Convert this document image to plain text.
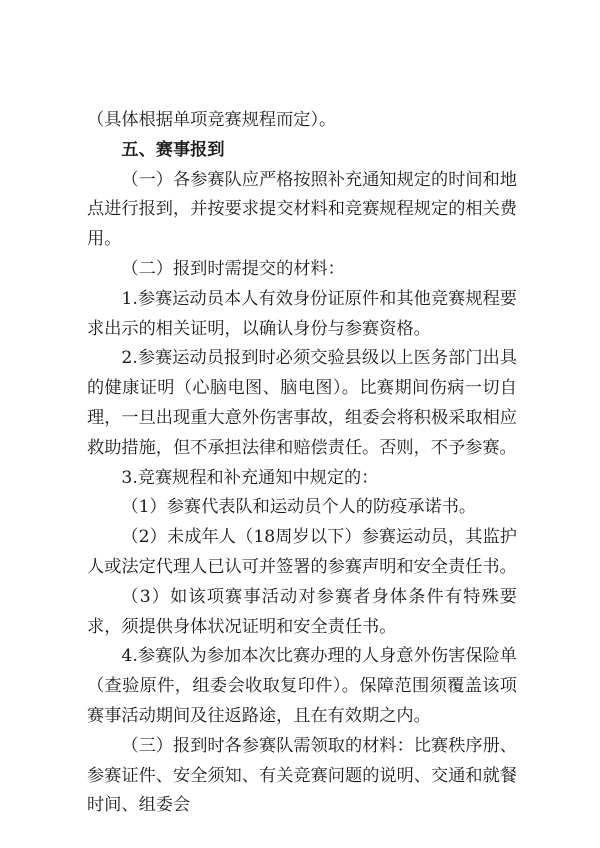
（具体根据单项竞赛规程而定）。

五、赛事报到

（一）各参赛队应严格按照补充通知规定的时间和地点进行报到，并按要求提交材料和竞赛规程规定的相关费用。

（二）报到时需提交的材料：

1.参赛运动员本人有效身份证原件和其他竞赛规程要求出示的相关证明，以确认身份与参赛资格。

2.参赛运动员报到时必须交验县级以上医务部门出具的健康证明（心脑电图、脑电图）。比赛期间伤病一切自理，一旦出现重大意外伤害事故，组委会将积极采取相应救助措施，但不承担法律和赔偿责任。否则，不予参赛。

3.竞赛规程和补充通知中规定的：

（1）参赛代表队和运动员个人的防疫承诺书。

（2）未成年人（18周岁以下）参赛运动员，其监护人或法定代理人已认可并签署的参赛声明和安全责任书。

（3）如该项赛事活动对参赛者身体条件有特殊要求，须提供身体状况证明和安全责任书。

4.参赛队为参加本次比赛办理的人身意外伤害保险单（查验原件，组委会收取复印件）。保障范围须覆盖该项赛事活动期间及往返路途，且在有效期之内。

（三）报到时各参赛队需领取的材料：比赛秩序册、参赛证件、安全须知、有关竞赛问题的说明、交通和就餐时间、组委会
